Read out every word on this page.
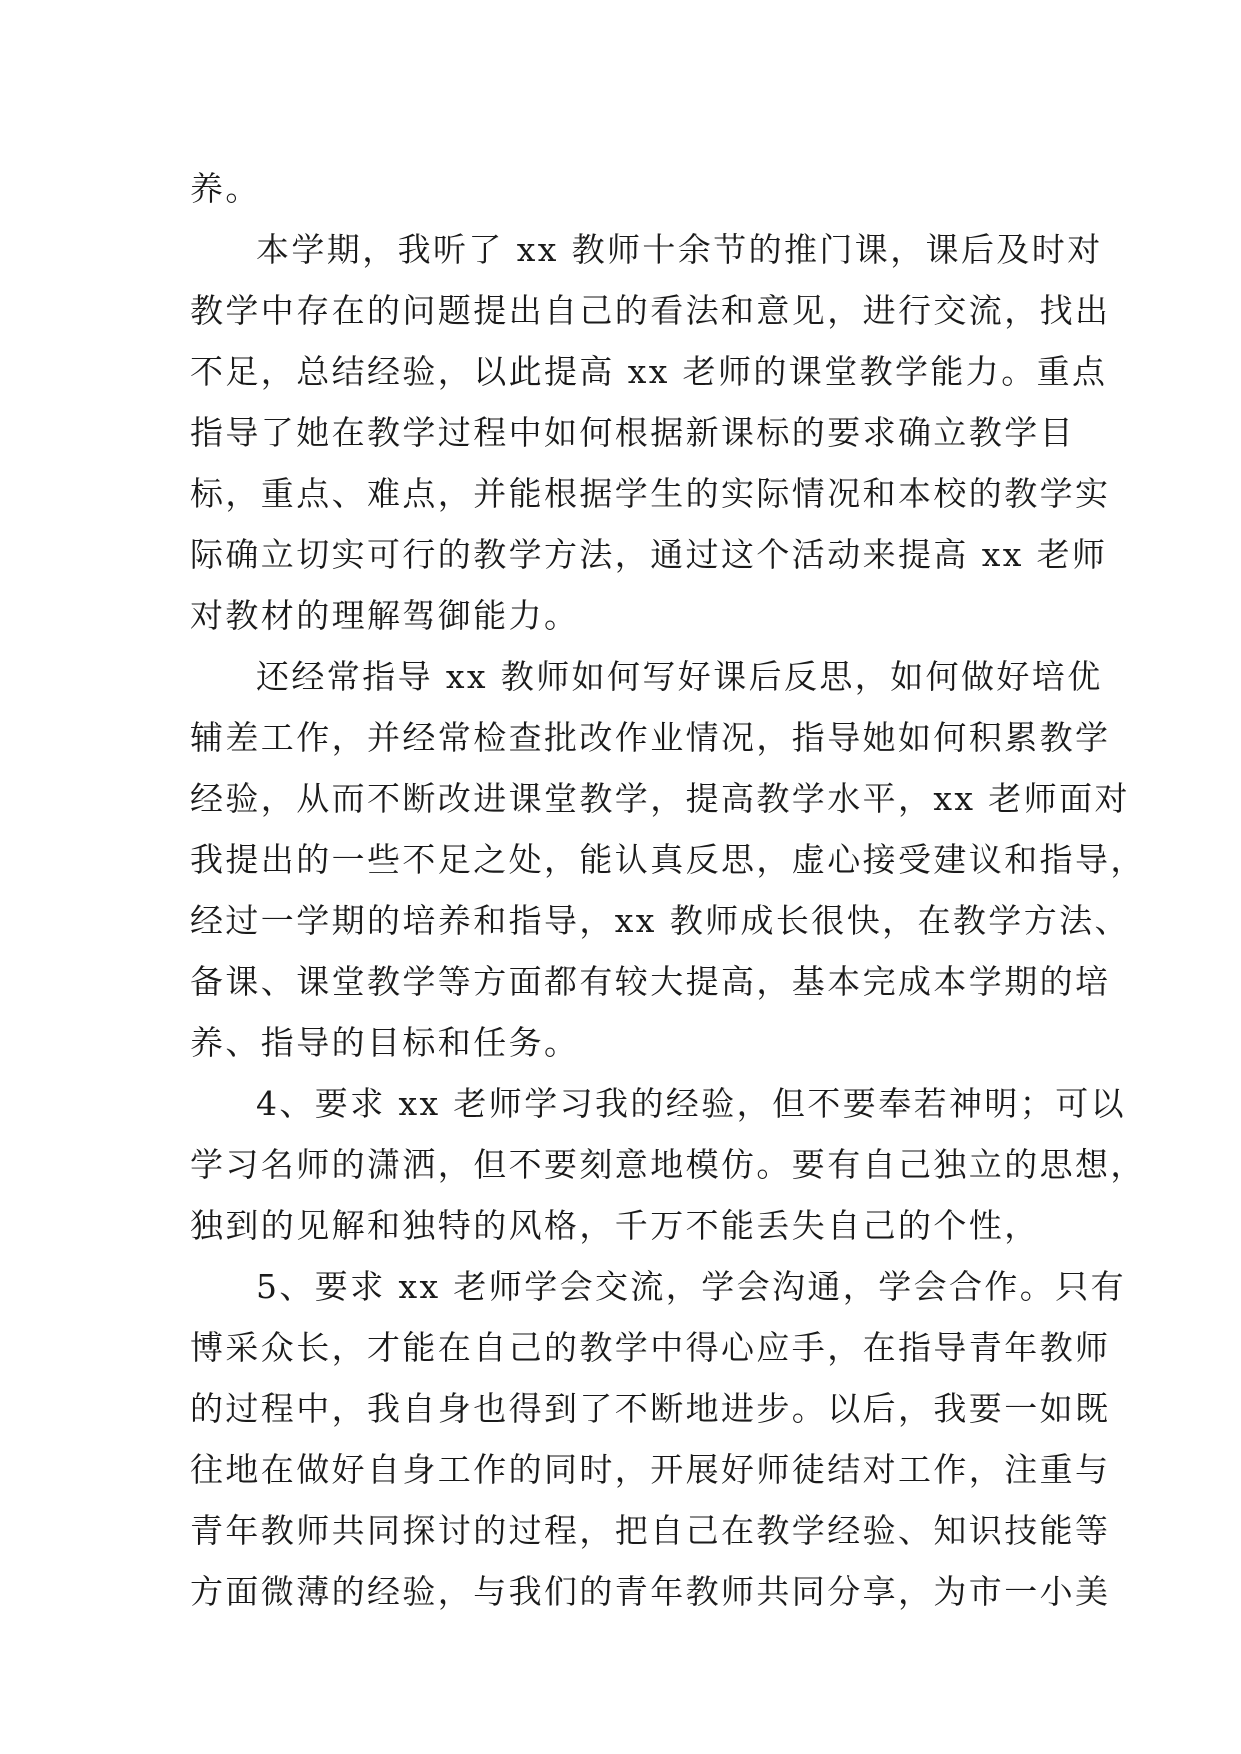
养。
本学期，我听了 xx 教师十余节的推门课，课后及时对
教学中存在的问题提出自己的看法和意见，进行交流，找出
不足，总结经验，以此提高 xx 老师的课堂教学能力。重点
指导了她在教学过程中如何根据新课标的要求确立教学目
标，重点、难点，并能根据学生的实际情况和本校的教学实
际确立切实可行的教学方法，通过这个活动来提高 xx 老师
对教材的理解驾御能力。
还经常指导 xx 教师如何写好课后反思，如何做好培优
辅差工作，并经常检查批改作业情况，指导她如何积累教学
经验，从而不断改进课堂教学，提高教学水平，xx 老师面对
我提出的一些不足之处，能认真反思，虚心接受建议和指导，
经过一学期的培养和指导，xx 教师成长很快，在教学方法、
备课、课堂教学等方面都有较大提高，基本完成本学期的培
养、指导的目标和任务。
4、要求 xx 老师学习我的经验，但不要奉若神明；可以
学习名师的潇洒，但不要刻意地模仿。要有自己独立的思想，
独到的见解和独特的风格，千万不能丢失自己的个性，
5、要求 xx 老师学会交流，学会沟通，学会合作。只有
博采众长，才能在自己的教学中得心应手，在指导青年教师
的过程中，我自身也得到了不断地进步。以后，我要一如既
往地在做好自身工作的同时，开展好师徒结对工作，注重与
青年教师共同探讨的过程，把自己在教学经验、知识技能等
方面微薄的经验，与我们的青年教师共同分享，为市一小美
